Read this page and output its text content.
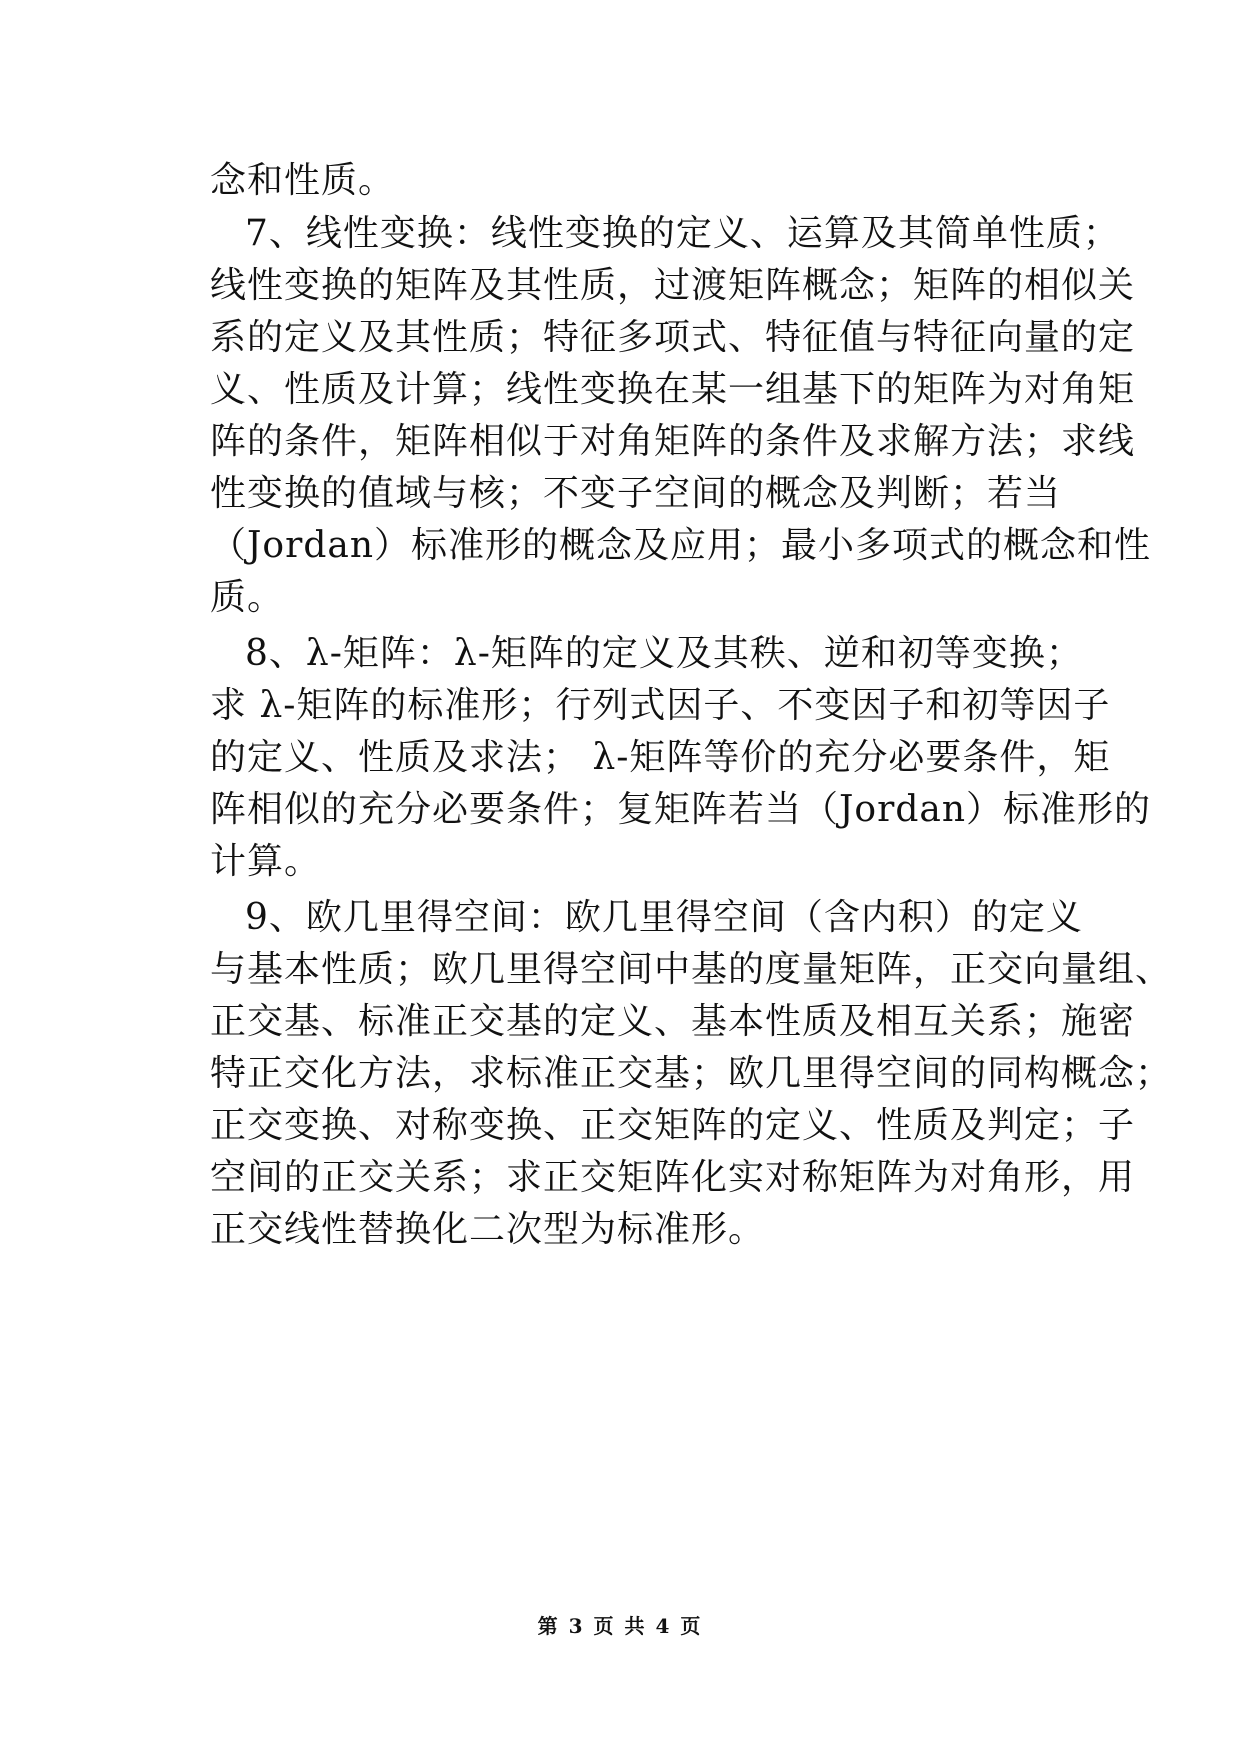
念和性质。
7、线性变换：线性变换的定义、运算及其简单性质；
线性变换的矩阵及其性质，过渡矩阵概念；矩阵的相似关
系的定义及其性质；特征多项式、特征值与特征向量的定
义、性质及计算；线性变换在某一组基下的矩阵为对角矩
阵的条件，矩阵相似于对角矩阵的条件及求解方法；求线
性变换的值域与核；不变子空间的概念及判断；若当
（Jordan）标准形的概念及应用；最小多项式的概念和性
质。
8、λ-矩阵：λ-矩阵的定义及其秩、逆和初等变换；
求 λ-矩阵的标准形；行列式因子、不变因子和初等因子
的定义、性质及求法； λ-矩阵等价的充分必要条件，矩
阵相似的充分必要条件；复矩阵若当（Jordan）标准形的
计算。
9、欧几里得空间：欧几里得空间（含内积）的定义
与基本性质；欧几里得空间中基的度量矩阵，正交向量组、
正交基、标准正交基的定义、基本性质及相互关系；施密
特正交化方法，求标准正交基；欧几里得空间的同构概念；
正交变换、对称变换、正交矩阵的定义、性质及判定；子
空间的正交关系；求正交矩阵化实对称矩阵为对角形，用
正交线性替换化二次型为标准形。
第 3 页 共 4 页
